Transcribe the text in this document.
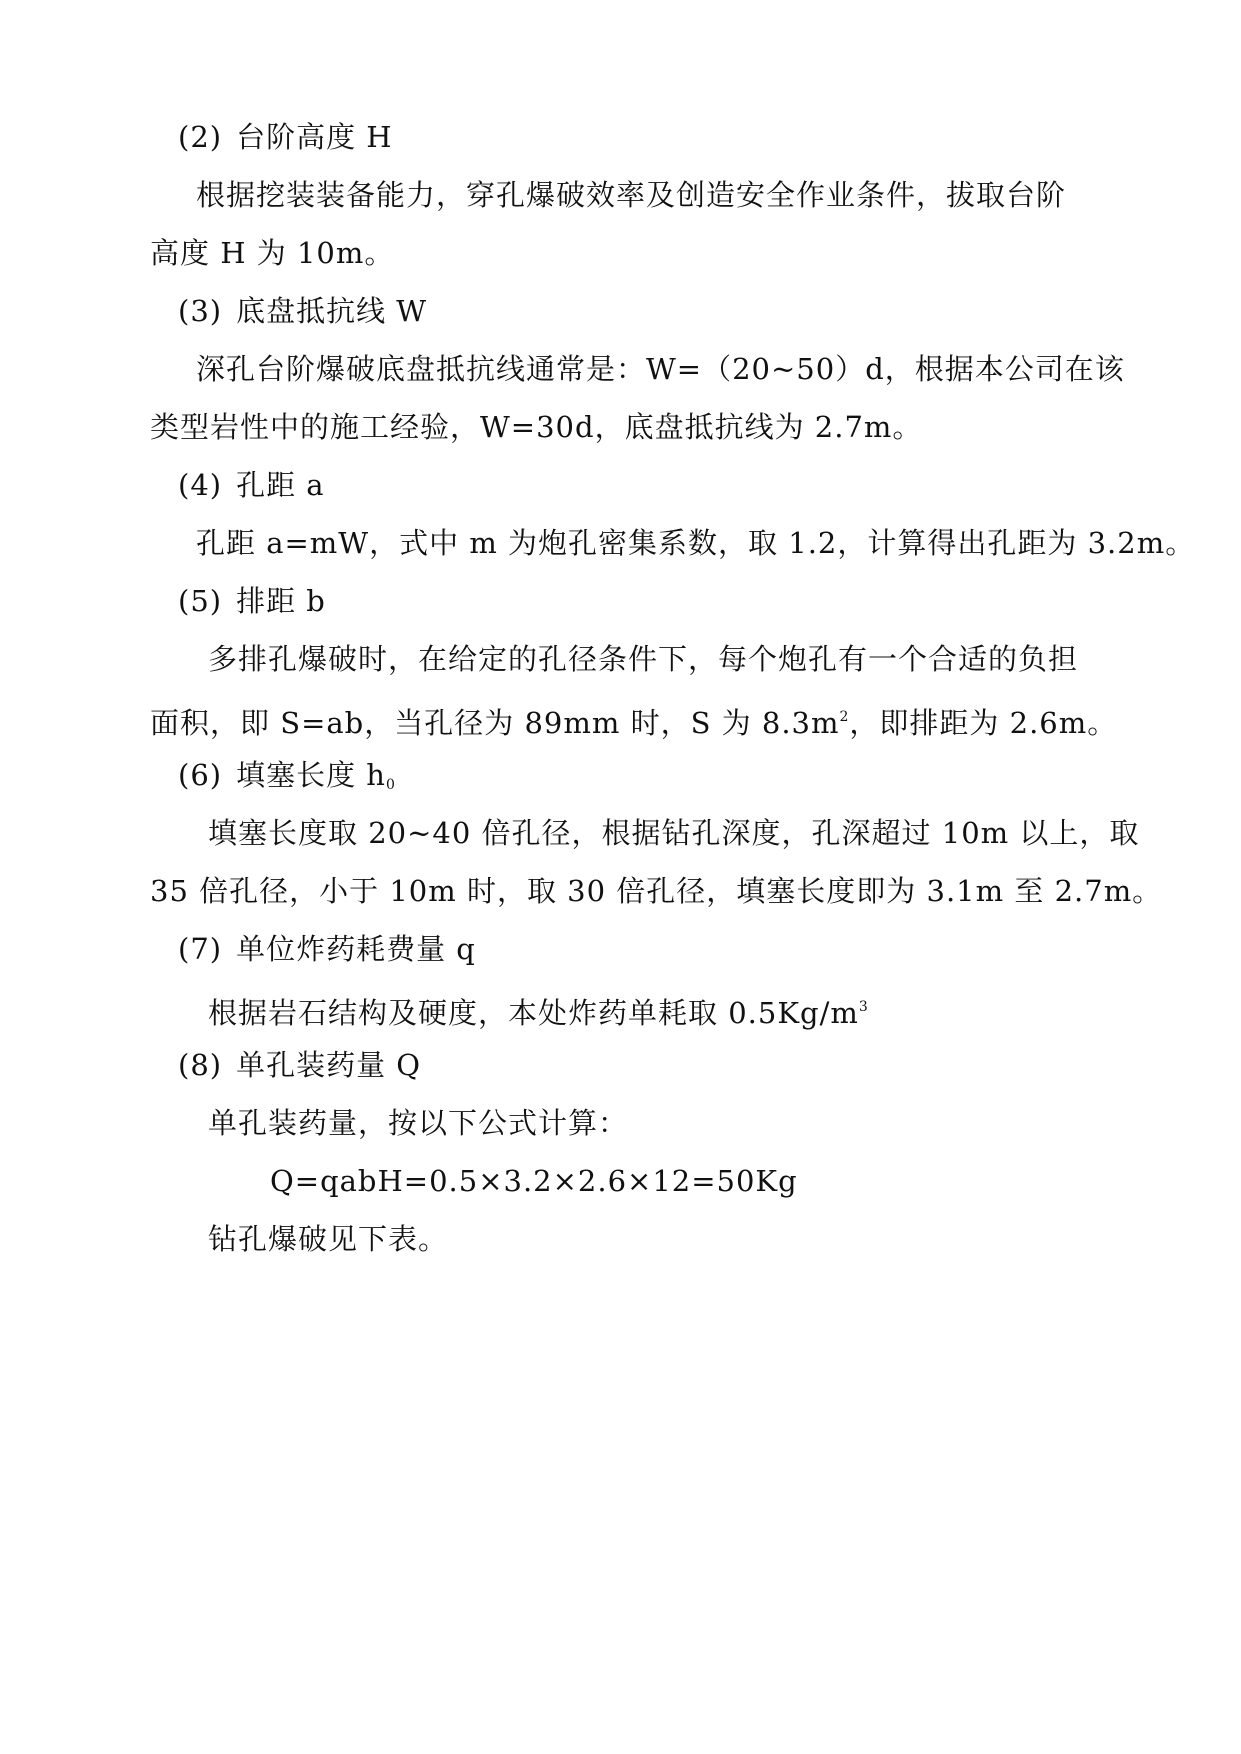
(2) 台阶高度 H
根据挖装装备能力，穿孔爆破效率及创造安全作业条件，拔取台阶
高度 H 为 10m。
(3) 底盘抵抗线 W
深孔台阶爆破底盘抵抗线通常是：W=（20~50）d，根据本公司在该
类型岩性中的施工经验，W=30d，底盘抵抗线为 2.7m。
(4) 孔距 a
孔距 a=mW，式中 m 为炮孔密集系数，取 1.2，计算得出孔距为 3.2m。
(5) 排距 b
多排孔爆破时，在给定的孔径条件下，每个炮孔有一个合适的负担
面积，即 S=ab，当孔径为 89mm 时，S 为 $8.3m^2$，即排距为 2.6m。
(6) 填塞长度 $h_0$
填塞长度取 20~40 倍孔径，根据钻孔深度，孔深超过 10m 以上，取
35 倍孔径，小于 10m 时，取 30 倍孔径，填塞长度即为 3.1m 至 2.7m。
(7) 单位炸药耗费量 q
根据岩石结构及硬度，本处炸药单耗取 $0.5Kg/m^3$
(8) 单孔装药量 Q
单孔装药量，按以下公式计算：
Q=qabH=0.5×3.2×2.6×12=50Kg
钻孔爆破见下表。
